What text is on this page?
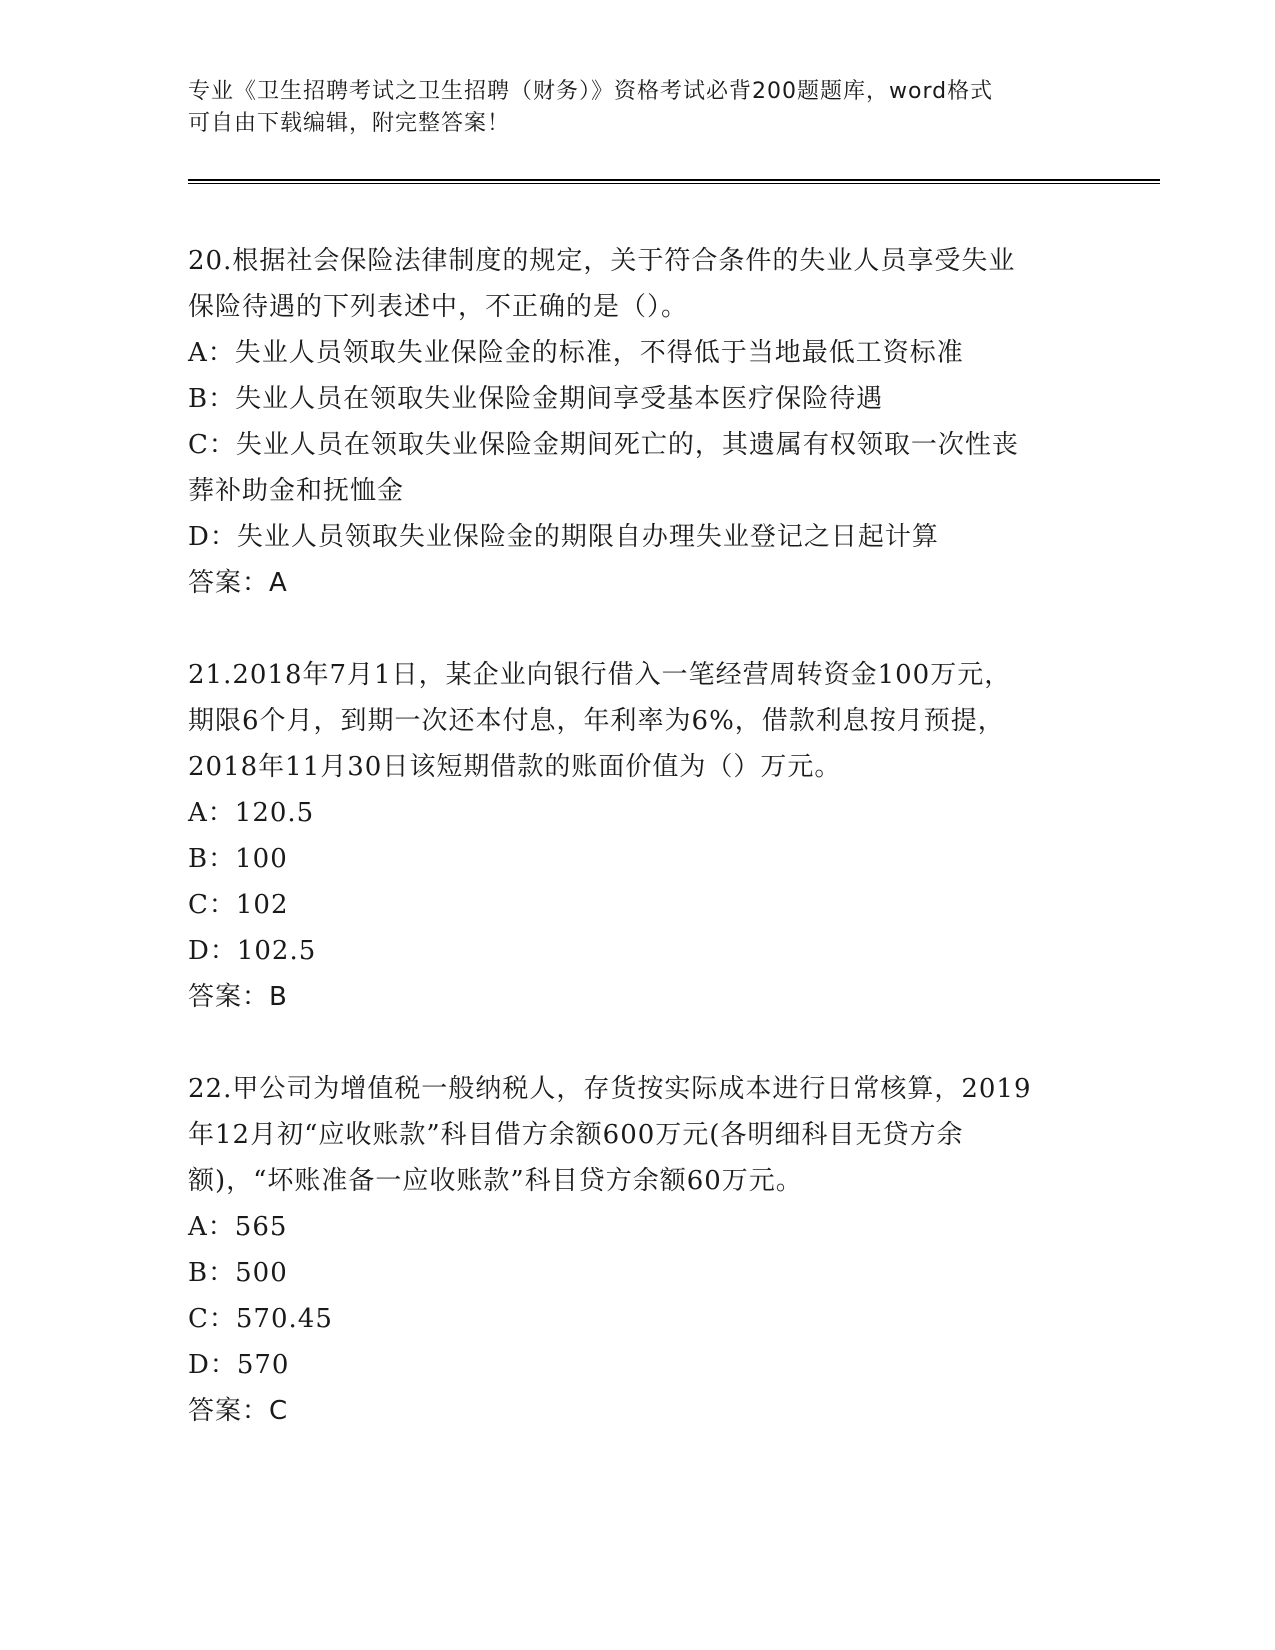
专业《卫生招聘考试之卫生招聘（财务）》资格考试必背200题题库，word格式
可自由下载编辑，附完整答案！
20.根据社会保险法律制度的规定，关于符合条件的失业人员享受失业
保险待遇的下列表述中，不正确的是（）。
A：失业人员领取失业保险金的标准，不得低于当地最低工资标准
B：失业人员在领取失业保险金期间享受基本医疗保险待遇
C：失业人员在领取失业保险金期间死亡的，其遗属有权领取一次性丧
葬补助金和抚恤金
D：失业人员领取失业保险金的期限自办理失业登记之日起计算
答案：A
21.2018年7月1日，某企业向银行借入一笔经营周转资金100万元，
期限6个月，到期一次还本付息，年利率为6%，借款利息按月预提，
2018年11月30日该短期借款的账面价值为（）万元。
A：120.5
B：100
C：102
D：102.5
答案：B
22.甲公司为增值税一般纳税人，存货按实际成本进行日常核算，2019
年12月初“应收账款”科目借方余额600万元(各明细科目无贷方余
额)，“坏账准备一应收账款”科目贷方余额60万元。
A：565
B：500
C：570.45
D：570
答案：C
